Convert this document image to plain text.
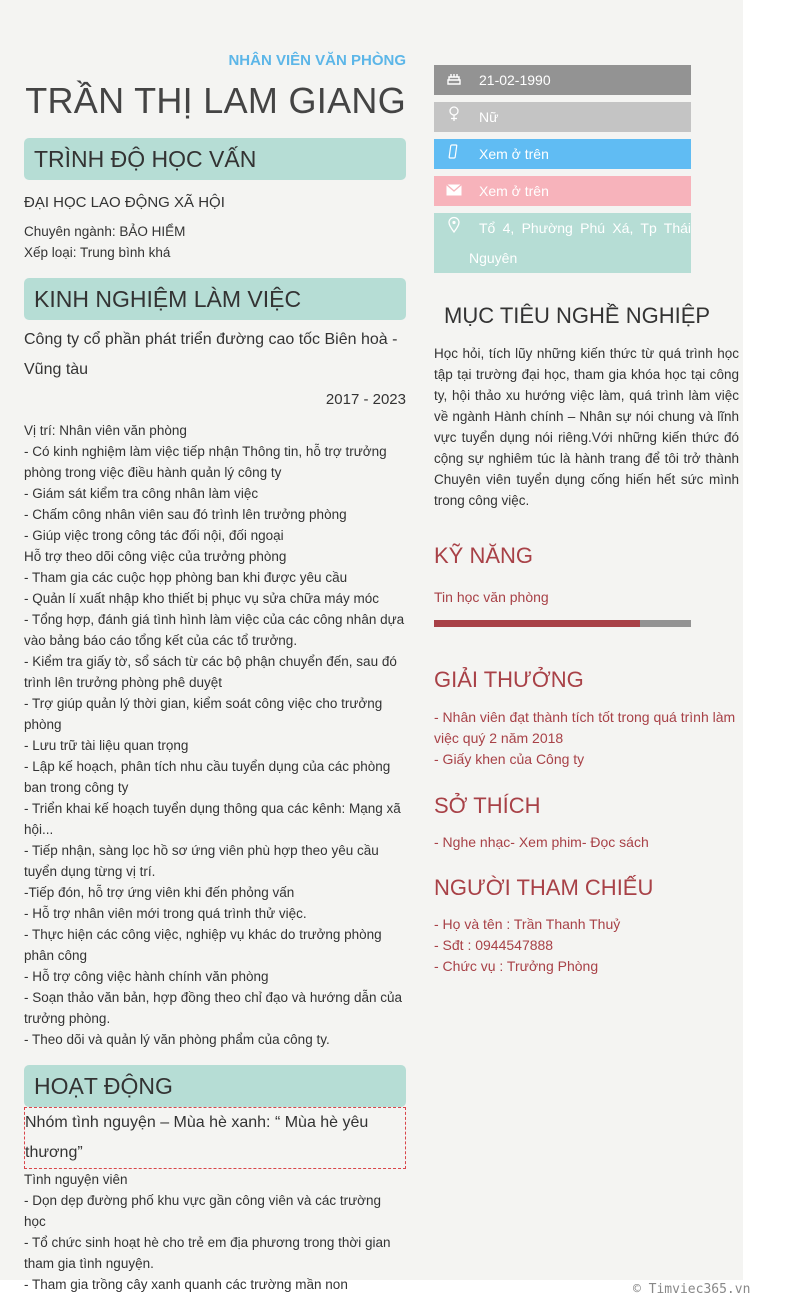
NHÂN VIÊN VĂN PHÒNG
TRẦN THỊ LAM GIANG
TRÌNH ĐỘ HỌC VẤN
ĐẠI HỌC LAO ĐỘNG XÃ HỘI
Chuyên ngành: BẢO HIỂM
Xếp loại: Trung bình khá
KINH NGHIỆM LÀM VIỆC
Công ty cổ phần phát triển đường cao tốc Biên hoà - Vũng tàu
2017 - 2023
Vị trí: Nhân viên văn phòng
- Có kinh nghiệm làm việc tiếp nhận Thông tin, hỗ trợ trưởng phòng trong việc điều hành quản lý công ty
- Giám sát kiểm tra công nhân làm việc
- Chấm công nhân viên sau đó trình lên trưởng phòng
- Giúp việc trong công tác đối nội, đối ngoại
Hỗ trợ theo dõi công việc của trưởng phòng
- Tham gia các cuộc họp phòng ban khi được yêu cầu
- Quản lí xuất nhập kho thiết bị phục vụ sửa chữa máy móc
- Tổng hợp, đánh giá tình hình làm việc của các công nhân dựa vào bảng báo cáo tổng kết của các tổ trưởng.
- Kiểm tra giấy tờ, sổ sách từ các bộ phận chuyển đến, sau đó trình lên trưởng phòng phê duyệt
- Trợ giúp quản lý thời gian, kiểm soát công việc cho trưởng phòng
- Lưu trữ tài liệu quan trọng
- Lập kế hoạch, phân tích nhu cầu tuyển dụng của các phòng ban trong công ty
- Triển khai kế hoạch tuyển dụng thông qua các kênh: Mạng xã hội...
- Tiếp nhận, sàng lọc hồ sơ ứng viên phù hợp theo yêu cầu tuyển dụng từng vị trí.
-Tiếp đón, hỗ trợ ứng viên khi đến phỏng vấn
- Hỗ trợ nhân viên mới trong quá trình thử việc.
- Thực hiện các công việc, nghiệp vụ khác do trưởng phòng phân công
- Hỗ trợ công việc hành chính văn phòng
- Soạn thảo văn bản, hợp đồng theo chỉ đạo và hướng dẫn của trưởng phòng.
- Theo dõi và quản lý văn phòng phẩm của công ty.
HOẠT ĐỘNG
Nhóm tình nguyện – Mùa hè xanh: “ Mùa hè yêu thương”
Tình nguyện viên
- Dọn dẹp đường phố khu vực gần công viên và các trường học
- Tổ chức sinh hoạt hè cho trẻ em địa phương trong thời gian tham gia tình nguyện.
- Tham gia trồng cây xanh quanh các trường mần non
21-02-1990
Nữ
Xem ở trên
Xem ở trên
Tổ 4, Phường Phú Xá, Tp Thái Nguyên
MỤC TIÊU NGHỀ NGHIỆP
Học hỏi, tích lũy những kiến thức từ quá trình học tập tại trường đại học, tham gia khóa học tại công ty, hội thảo xu hướng việc làm, quá trình làm việc về ngành Hành chính – Nhân sự nói chung và lĩnh vực tuyển dụng nói riêng.Với những kiến thức đó cộng sự nghiêm túc là hành trang để tôi trở thành Chuyên viên tuyển dụng cống hiến hết sức mình trong công việc.
KỸ NĂNG
Tin học văn phòng
GIẢI THƯỞNG
- Nhân viên đạt thành tích tốt trong quá trình làm việc quý 2 năm 2018
- Giấy khen của Công ty
SỞ THÍCH
- Nghe nhạc- Xem phim- Đọc sách
NGƯỜI THAM CHIẾU
- Họ và tên : Trần Thanh Thuỷ
- Sđt : 0944547888
- Chức vụ : Trưởng Phòng
© Timviec365.vn
